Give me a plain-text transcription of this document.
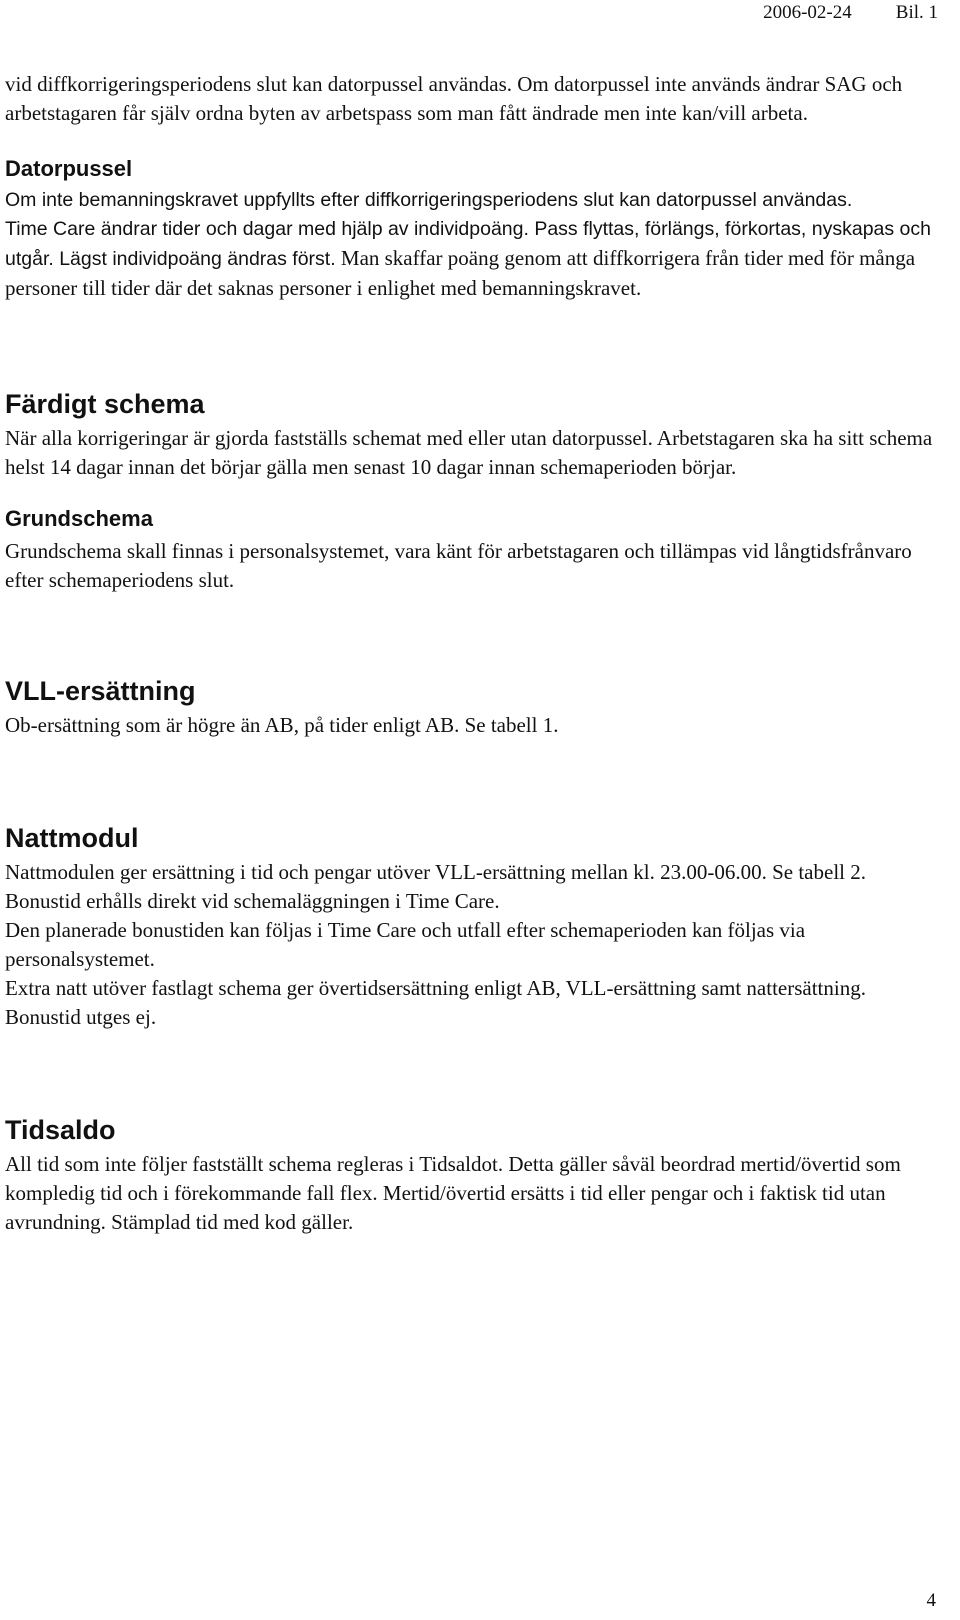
2006-02-24 Bil. 1

vid diffkorrigeringsperiodens slut kan datorpussel användas. Om datorpussel inte används ändrar SAG och arbetstagaren får själv ordna byten av arbetspass som man fått ändrade men inte kan/vill arbeta.

Datorpussel

Om inte bemanningskravet uppfyllts efter diffkorrigeringsperiodens slut kan datorpussel användas.

Time Care ändrar tider och dagar med hjälp av individpoäng. Pass flyttas, förlängs, förkortas, nyskapas och utgår. Lägst individpoäng ändras först. Man skaffar poäng genom att diffkorrigera från tider med för många personer till tider där det saknas personer i enlighet med bemanningskravet.

Färdigt schema

När alla korrigeringar är gjorda fastställs schemat med eller utan datorpussel. Arbetstagaren ska ha sitt schema helst 14 dagar innan det börjar gälla men senast 10 dagar innan schemaperioden börjar.

Grundschema

Grundschema skall finnas i personalsystemet, vara känt för arbetstagaren och tillämpas vid långtidsfrånvaro efter schemaperiodens slut.

VLL-ersättning

Ob-ersättning som är högre än AB, på tider enligt AB. Se tabell 1.

Nattmodul

Nattmodulen ger ersättning i tid och pengar utöver VLL-ersättning mellan kl. 23.00-06.00. Se tabell 2.

Bonustid erhålls direkt vid schemaläggningen i Time Care.

Den planerade bonustiden kan följas i Time Care och utfall efter schemaperioden kan följas via personalsystemet.

Extra natt utöver fastlagt schema ger övertidsersättning enligt AB, VLL-ersättning samt nattersättning. Bonustid utges ej.

Tidsaldo

All tid som inte följer fastställt schema regleras i Tidsaldot. Detta gäller såväl beordrad mertid/övertid som kompledig tid och i förekommande fall flex. Mertid/övertid ersätts i tid eller pengar och i faktisk tid utan avrundning. Stämplad tid med kod gäller.

4
